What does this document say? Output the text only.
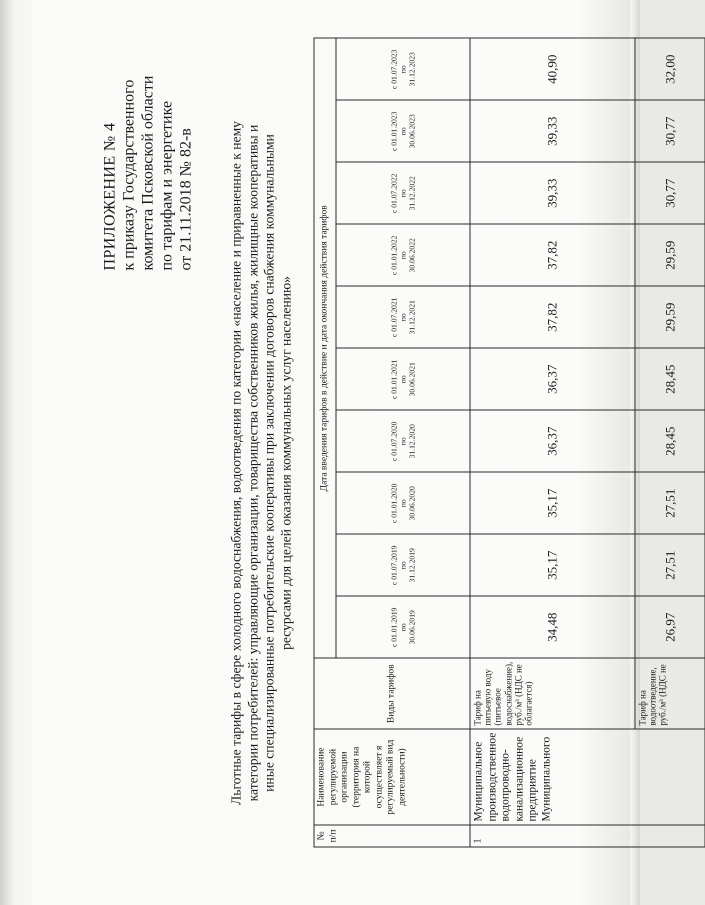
ПРИЛОЖЕНИЕ № 4 к приказу Государственного комитета Псковской области по тарифам и энергетике от 21.11.2018 № 82-в	Льготные тарифы в сфере холодного водоснабжения, водоотведения по категории «население и приравненные к нему категории потребителей: управляющие организации, товарищества собственников жилья, жилищные кооперативы и иные специализированные потребительские кооперативы при заключении договоров снабжения коммунальными ресурсами для целей оказания коммунальных услуг населению»
№ п/п	Наименование регулируемой организации (территория на которой осуществляет я регулируемый вид деятельности)	Виды тарифов	Дата введения тарифов в действие и дата окончания действия тарифов									

			с 01.01.2019 по 30.06.2019	с 01.07.2019 по 31.12.2019	с 01.01.2020 по 30.06.2020	с 01.07.2020 по 31.12.2020	с 01.01.2021 по 30.06.2021	с 01.07.2021 по 31.12.2021	с 01.01.2022 по 30.06.2022	с 01.07.2022 по 31.12.2022	с 01.01.2023 по 30.06.2023	с 01.07.2023 по 31.12.2023

1	Муниципальное производственное водопроводно-канализационное предприятие Муниципального	Тариф на питьевую воду (питьевое водоснабжение), руб./м³ (НДС не облагается)	34,48	35,17	35,17	36,37	36,37	37,82	37,82	39,33	39,33	40,90
		Тариф на водоотведение, руб./м³ (НДС не	26,97	27,51	27,51	28,45	28,45	29,59	29,59	30,77	30,77	32,00
